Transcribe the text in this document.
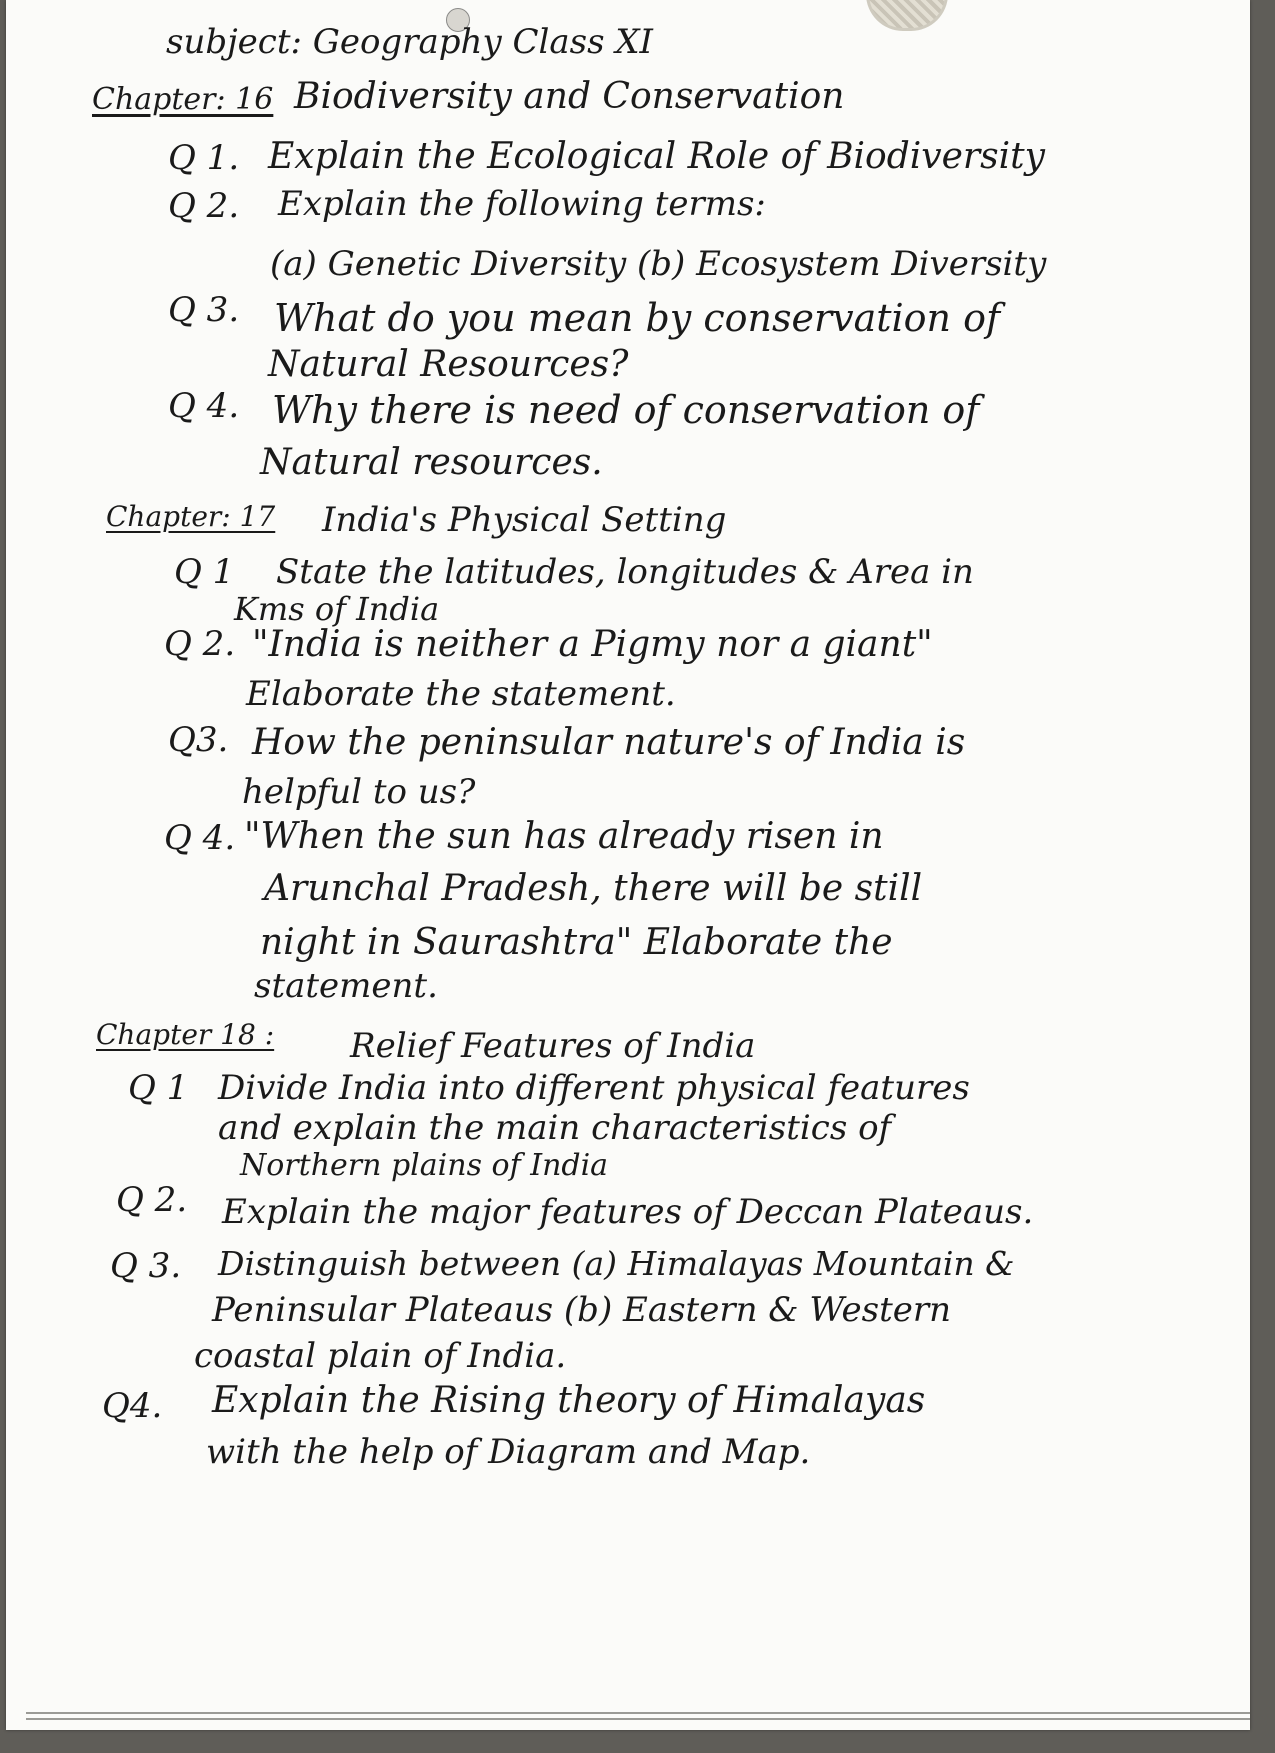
subject: Geography Class XI
Chapter: 16 Biodiversity and Conservation
Q 1. Explain the Ecological Role of Biodiversity
Q 2. Explain the following terms:
(a) Genetic Diversity (b) Ecosystem Diversity
Q 3. What do you mean by conservation of
Natural Resources?
Q 4. Why there is need of conservation of
Natural resources.
Chapter: 17 India's Physical Setting
Q 1 State the latitudes, longitudes & Area in
Kms of India
Q 2. "India is neither a Pigmy nor a giant"
Elaborate the statement.
Q3. How the peninsular nature's of India is
helpful to us?
Q 4. "When the sun has already risen in
Arunchal Pradesh, there will be still
night in Saurashtra" Elaborate the
statement.
Chapter 18 : Relief Features of India
Q 1 Divide India into different physical features
and explain the main characteristics of
Northern plains of India
Q 2. Explain the major features of Deccan Plateaus.
Q 3. Distinguish between (a) Himalayas Mountain &
Peninsular Plateaus (b) Eastern & Western
coastal plain of India.
Q4. Explain the Rising theory of Himalayas
with the help of Diagram and Map.
